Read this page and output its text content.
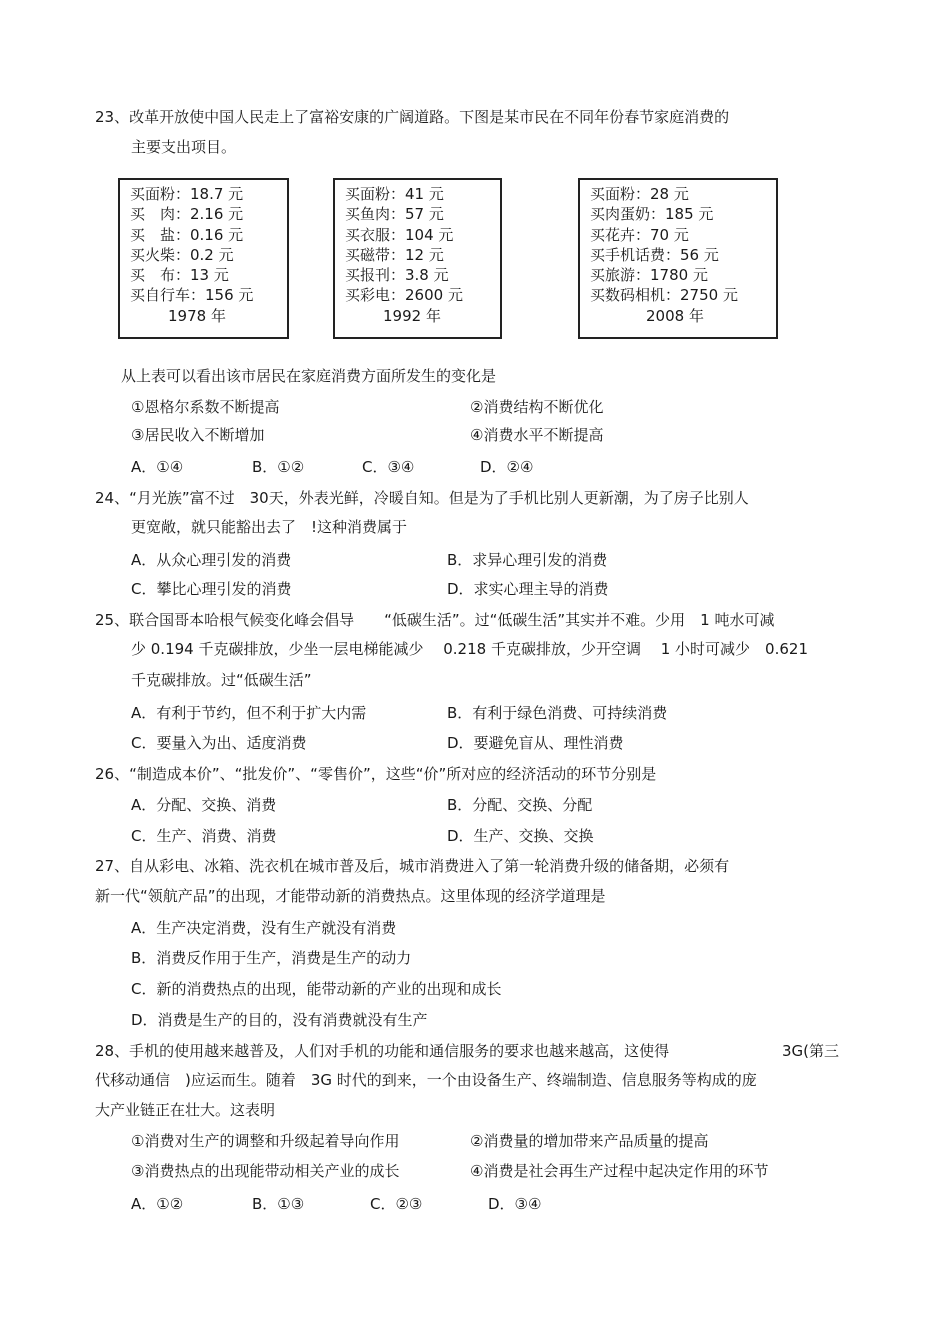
23、改革开放使中国人民走上了富裕安康的广阔道路。下图是某市民在不同年份春节家庭消费的
主要支出项目。
买面粉：18.7 元
买　肉：2.16 元
买　盐：0.16 元
买火柴：0.2 元
买　布：13 元
买自行车：156 元
1978 年
买面粉：41 元
买鱼肉：57 元
买衣服：104 元
买磁带：12 元
买报刊：3.8 元
买彩电：2600 元
1992 年
买面粉：28 元
买肉蛋奶：185 元
买花卉：70 元
买手机话费：56 元
买旅游：1780 元
买数码相机：2750 元
2008 年
从上表可以看出该市居民在家庭消费方面所发生的变化是
①恩格尔系数不断提高	②消费结构不断优化
③居民收入不断增加	④消费水平不断提高
A．①④	B．①②	C．③④	D．②④
24、“月光族”富不过　30天，外表光鲜，冷暖自知。但是为了手机比别人更新潮，为了房子比别人
更宽敞，就只能豁出去了　!这种消费属于
A．从众心理引发的消费	B．求异心理引发的消费
C．攀比心理引发的消费	D．求实心理主导的消费
25、联合国哥本哈根气候变化峰会倡导　　“低碳生活”。过“低碳生活”其实并不难。少用　1 吨水可减
少 0.194 千克碳排放，少坐一层电梯能减少　 0.218 千克碳排放，少开空调　 1 小时可减少　0.621
千克碳排放。过“低碳生活”
A．有利于节约，但不利于扩大内需	B．有利于绿色消费、可持续消费
C．要量入为出、适度消费	D．要避免盲从、理性消费
26、“制造成本价”、“批发价”、“零售价”，这些“价”所对应的经济活动的环节分别是
A．分配、交换、消费	B．分配、交换、分配
C．生产、消费、消费	D．生产、交换、交换
27、自从彩电、冰箱、洗衣机在城市普及后，城市消费进入了第一轮消费升级的储备期，必须有
新一代“领航产品”的出现，才能带动新的消费热点。这里体现的经济学道理是
A．生产决定消费，没有生产就没有消费
B．消费反作用于生产，消费是生产的动力
C．新的消费热点的出现，能带动新的产业的出现和成长
D．消费是生产的目的，没有消费就没有生产
28、手机的使用越来越普及，人们对手机的功能和通信服务的要求也越来越高，这使得	3G(第三
代移动通信　)应运而生。随着　3G 时代的到来，一个由设备生产、终端制造、信息服务等构成的庞
大产业链正在壮大。这表明
①消费对生产的调整和升级起着导向作用	②消费量的增加带来产品质量的提高
③消费热点的出现能带动相关产业的成长	④消费是社会再生产过程中起决定作用的环节
A．①②	B．①③	C．②③	D．③④
